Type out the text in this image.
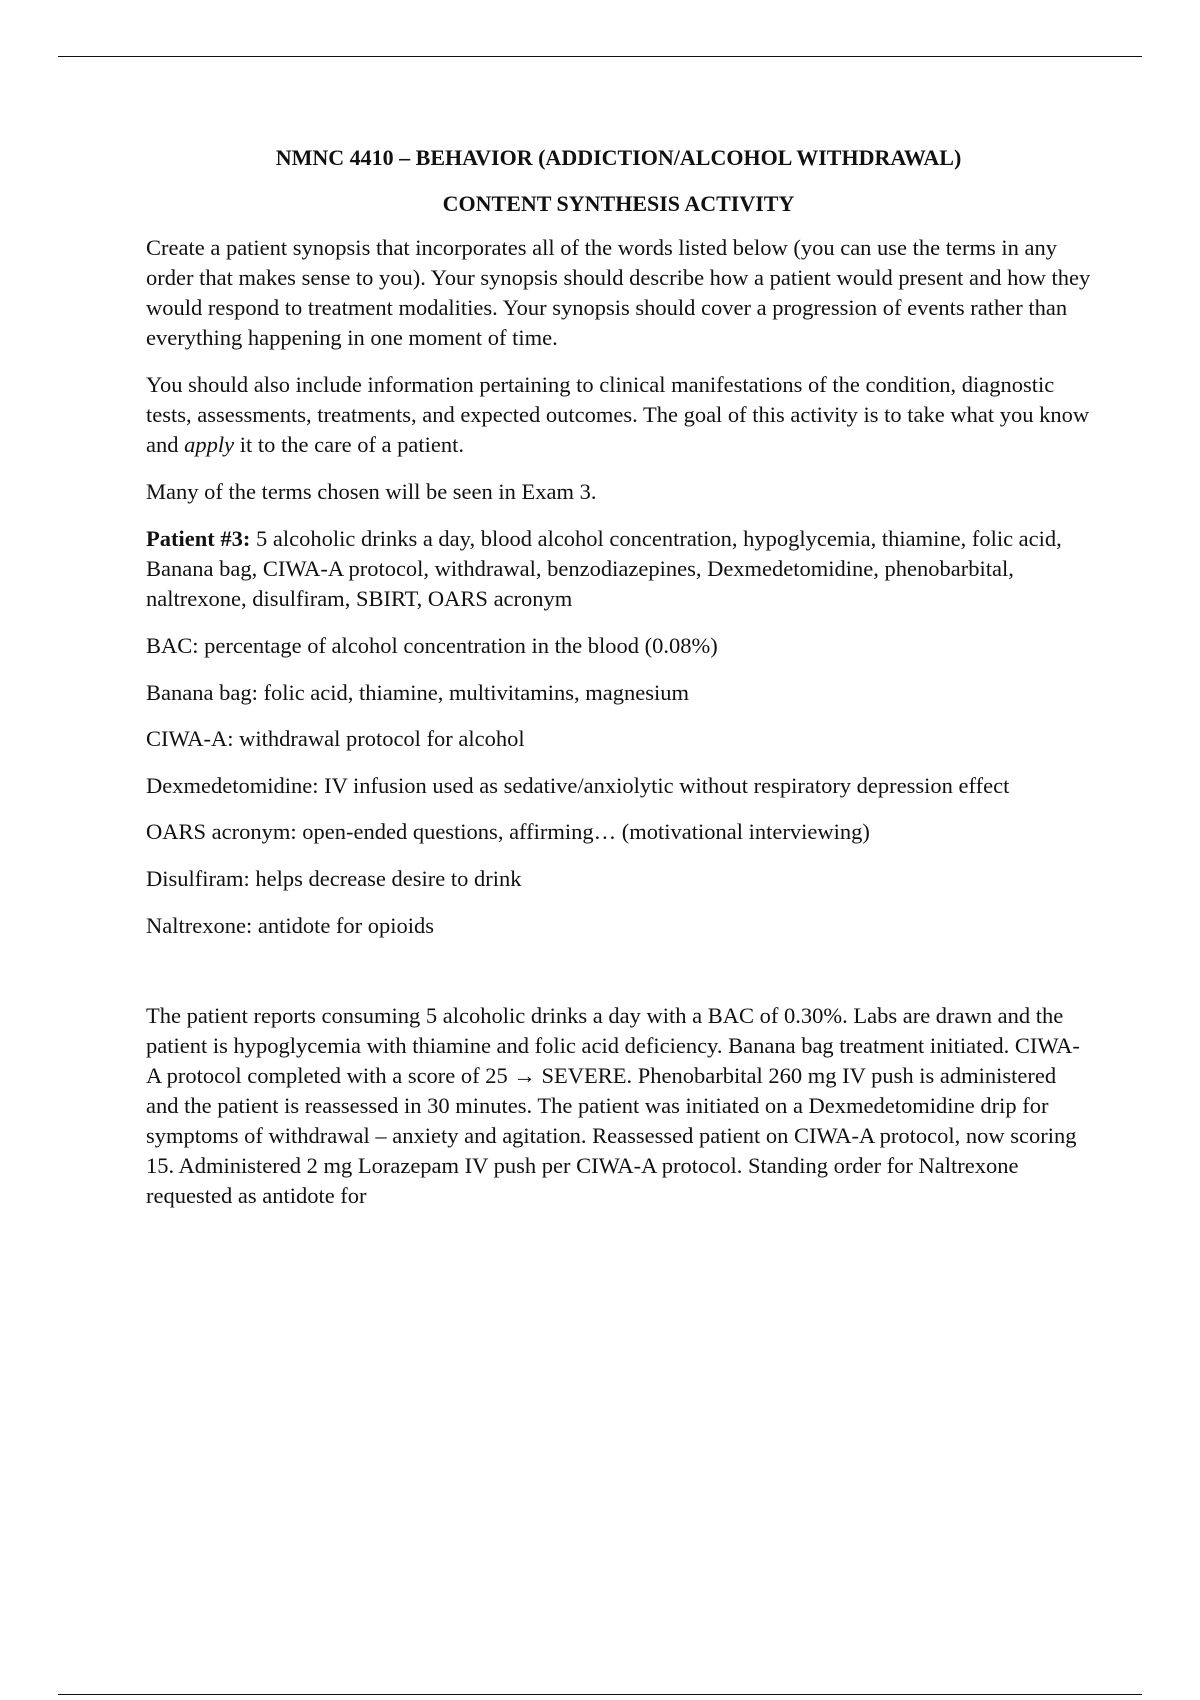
NMNC 4410 – BEHAVIOR (ADDICTION/ALCOHOL WITHDRAWAL)
CONTENT SYNTHESIS ACTIVITY

Create a patient synopsis that incorporates all of the words listed below (you can use the terms in any order that makes sense to you). Your synopsis should describe how a patient would present and how they would respond to treatment modalities. Your synopsis should cover a progression of events rather than everything happening in one moment of time.

You should also include information pertaining to clinical manifestations of the condition, diagnostic tests, assessments, treatments, and expected outcomes. The goal of this activity is to take what you know and apply it to the care of a patient.

Many of the terms chosen will be seen in Exam 3.

Patient #3: 5 alcoholic drinks a day, blood alcohol concentration, hypoglycemia, thiamine, folic acid, Banana bag, CIWA-A protocol, withdrawal, benzodiazepines, Dexmedetomidine, phenobarbital, naltrexone, disulfiram, SBIRT, OARS acronym

BAC: percentage of alcohol concentration in the blood (0.08%)

Banana bag: folic acid, thiamine, multivitamins, magnesium

CIWA-A: withdrawal protocol for alcohol

Dexmedetomidine: IV infusion used as sedative/anxiolytic without respiratory depression effect

OARS acronym: open-ended questions, affirming… (motivational interviewing)

Disulfiram: helps decrease desire to drink

Naltrexone: antidote for opioids

The patient reports consuming 5 alcoholic drinks a day with a BAC of 0.30%. Labs are drawn and the patient is hypoglycemia with thiamine and folic acid deficiency. Banana bag treatment initiated. CIWA-A protocol completed with a score of 25 → SEVERE. Phenobarbital 260 mg IV push is administered and the patient is reassessed in 30 minutes. The patient was initiated on a Dexmedetomidine drip for symptoms of withdrawal – anxiety and agitation. Reassessed patient on CIWA-A protocol, now scoring 15. Administered 2 mg Lorazepam IV push per CIWA-A protocol. Standing order for Naltrexone requested as antidote for
